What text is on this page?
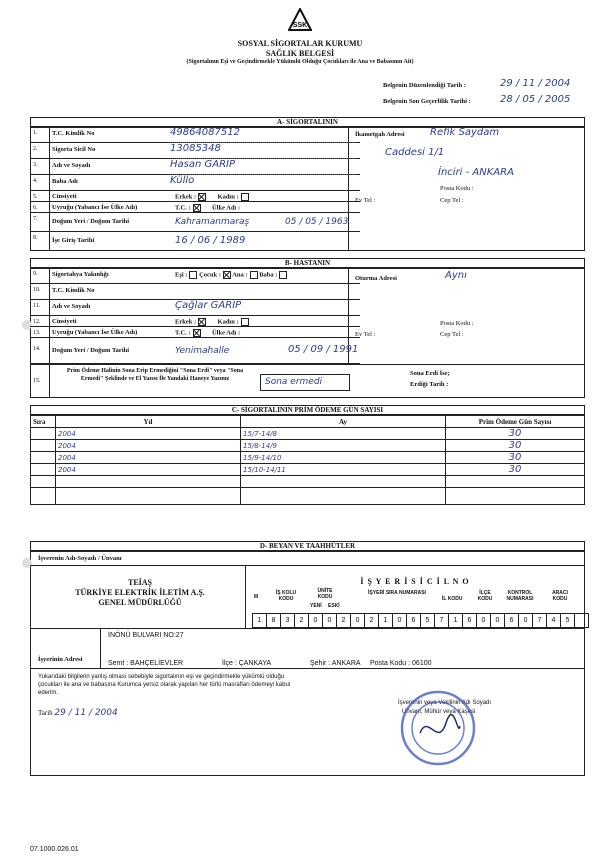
SSK
SOSYAL SİGORTALAR KURUMU
SAĞLIK BELGESİ
(Sigortalının Eşi ve Geçindirmekle Yükümlü Olduğu Çocukları ile Ana ve Babasının Ait)
Belgenin Düzenlendiği Tarih :	29 / 11 / 2004
Belgenin Son Geçerlilik Tarihi :	28 / 05 / 2005
A- SİGORTALININ
1.	T.C. Kimlik No	49864087512
2.	Sigorta Sicil No	13085348
3.	Adı ve Soyadı	Hasan GARİP
4.	Baba Adı	Küllo
5.	Cinsiyeti	Erkek :	Kadın :
6.	Uyruğu (Yabancı İse Ülke Adı)	T.C. :	Ülke Adı :
7.	Doğum Yeri / Doğum Tarihi	Kahramanmaraş	05 / 05 / 1963
8.	İşe Giriş Tarihi	16 / 06 / 1989
İkametgah Adresi	Refik Saydam
Caddesi 1/1
İnciri - ANKARA
Posta Kodu :
Ev Tel :	Cep Tel :
B- HASTANIN
9.	Sigortalıya Yakınlığı	Eşi : Çocuk : Ana : Baba :
10.	T.C. Kimlik No
11.	Adı ve Soyadı	Çağlar GARİP
12.	Cinsiyeti	Erkek :	Kadın :
13.	Uyruğu (Yabancı İse Ülke Adı)	T.C. :	Ülke Adı :
14.	Doğum Yeri / Doğum Tarihi	Yenimahalle	05 / 09 / 1991
Oturma Adresi	Aynı
Posta Kodu :
Ev Tel :	Cep Tel :
15.
Prim Ödeme Halinin Sona Erip Ermediğini "Sona Erdi" veya "Sona Ermedi" Şeklinde ve El Yazısı İle Yandaki Haneye Yazınız	Sona ermedi
Sona Erdi İse;
Erdiği Tarih :
C- SİGORTALININ PRİM ÖDEME GÜN SAYISI
Sıra	Yıl	Ay	Prim Ödeme Gün Sayısı
	2004	15/7-14/8	30
	2004	15/8-14/9	30
	2004	15/9-14/10	30
	2004	15/10-14/11	30

D- BEYAN VE TAAHHÜTLER
İşverenin Adı-Soyadı / Ünvanı
TEİAŞ
TÜRKİYE ELEKTRİK İLETİM A.Ş.
GENEL MÜDÜRLÜĞÜ
İ Ş Y E R İ S İ C İ L N O
M
İŞ KOLU KODU
ÜNİTE KODU
YENİ ESKİ
İŞYERİ SIRA NUMARASI
İL KODU
İLÇE KODU
KONTROL NUMARASI
ARACI KODU
1	8	3	2	0	0	2	0	2	1	0	6	5	7	1	6	0	0	6	0	7	4	5	
İşyerinin Adresi
İNÖNÜ BULVARI NO:27
Semt : BAHÇELİEVLER	İlçe : ÇANKAYA	Şehir : ANKARA Posta Kodu : 06100
Yukarıdaki bilgilerin yanlış olması sebebiyle sigortalının eşi ve geçindirmekle yükümlü olduğu çocukları ile ana ve babasına Kurumca yersiz olarak yapılan her türlü masrafları ödemeyi kabul ederim.
Tarih 29 / 11 / 2004
İşverenin veya Vekilinin Adı Soyadı
Unvanı, Mühür veya Kaşesi
07.1000.026.01
